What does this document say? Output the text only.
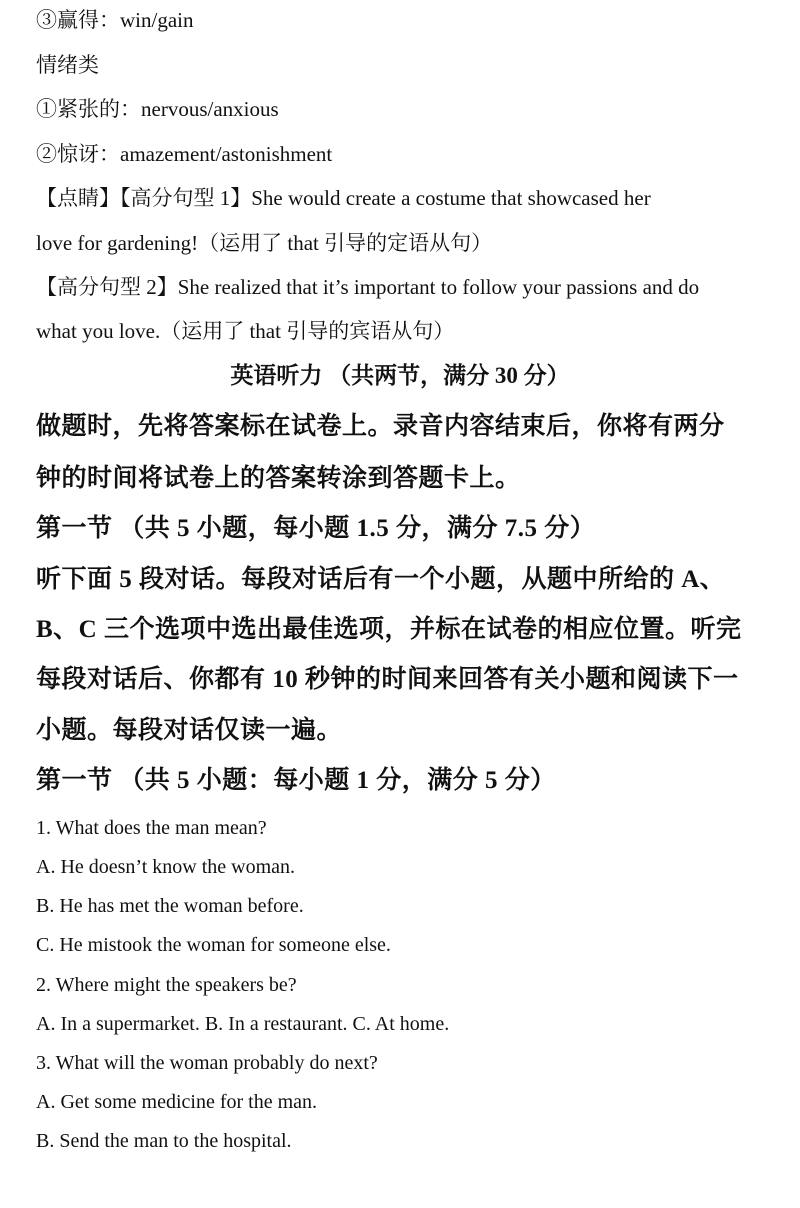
③赢得：win/gain
情绪类
①紧张的：nervous/anxious
②惊讶：amazement/astonishment
【点睛】【高分句型 1】She would create a costume that showcased her
love for gardening!（运用了 that 引导的定语从句）
【高分句型 2】She realized that it’s important to follow your passions and do
what you love.（运用了 that 引导的宾语从句）
英语听力 （共两节，满分 30 分）
做题时，先将答案标在试卷上。录音内容结束后，你将有两分
钟的时间将试卷上的答案转涂到答题卡上。
第一节 （共 5 小题，每小题 1.5 分，满分 7.5 分）
听下面 5 段对话。每段对话后有一个小题，从题中所给的 A、
B、C 三个选项中选出最佳选项，并标在试卷的相应位置。听完
每段对话后、你都有 10 秒钟的时间来回答有关小题和阅读下一
小题。每段对话仅读一遍。
第一节 （共 5 小题：每小题 1 分，满分 5 分）
1. What does the man mean?
A. He doesn’t know the woman.
B. He has met the woman before.
C. He mistook the woman for someone else.
2. Where might the speakers be?
A. In a supermarket. B. In a restaurant. C. At home.
3. What will the woman probably do next?
A. Get some medicine for the man.
B. Send the man to the hospital.
